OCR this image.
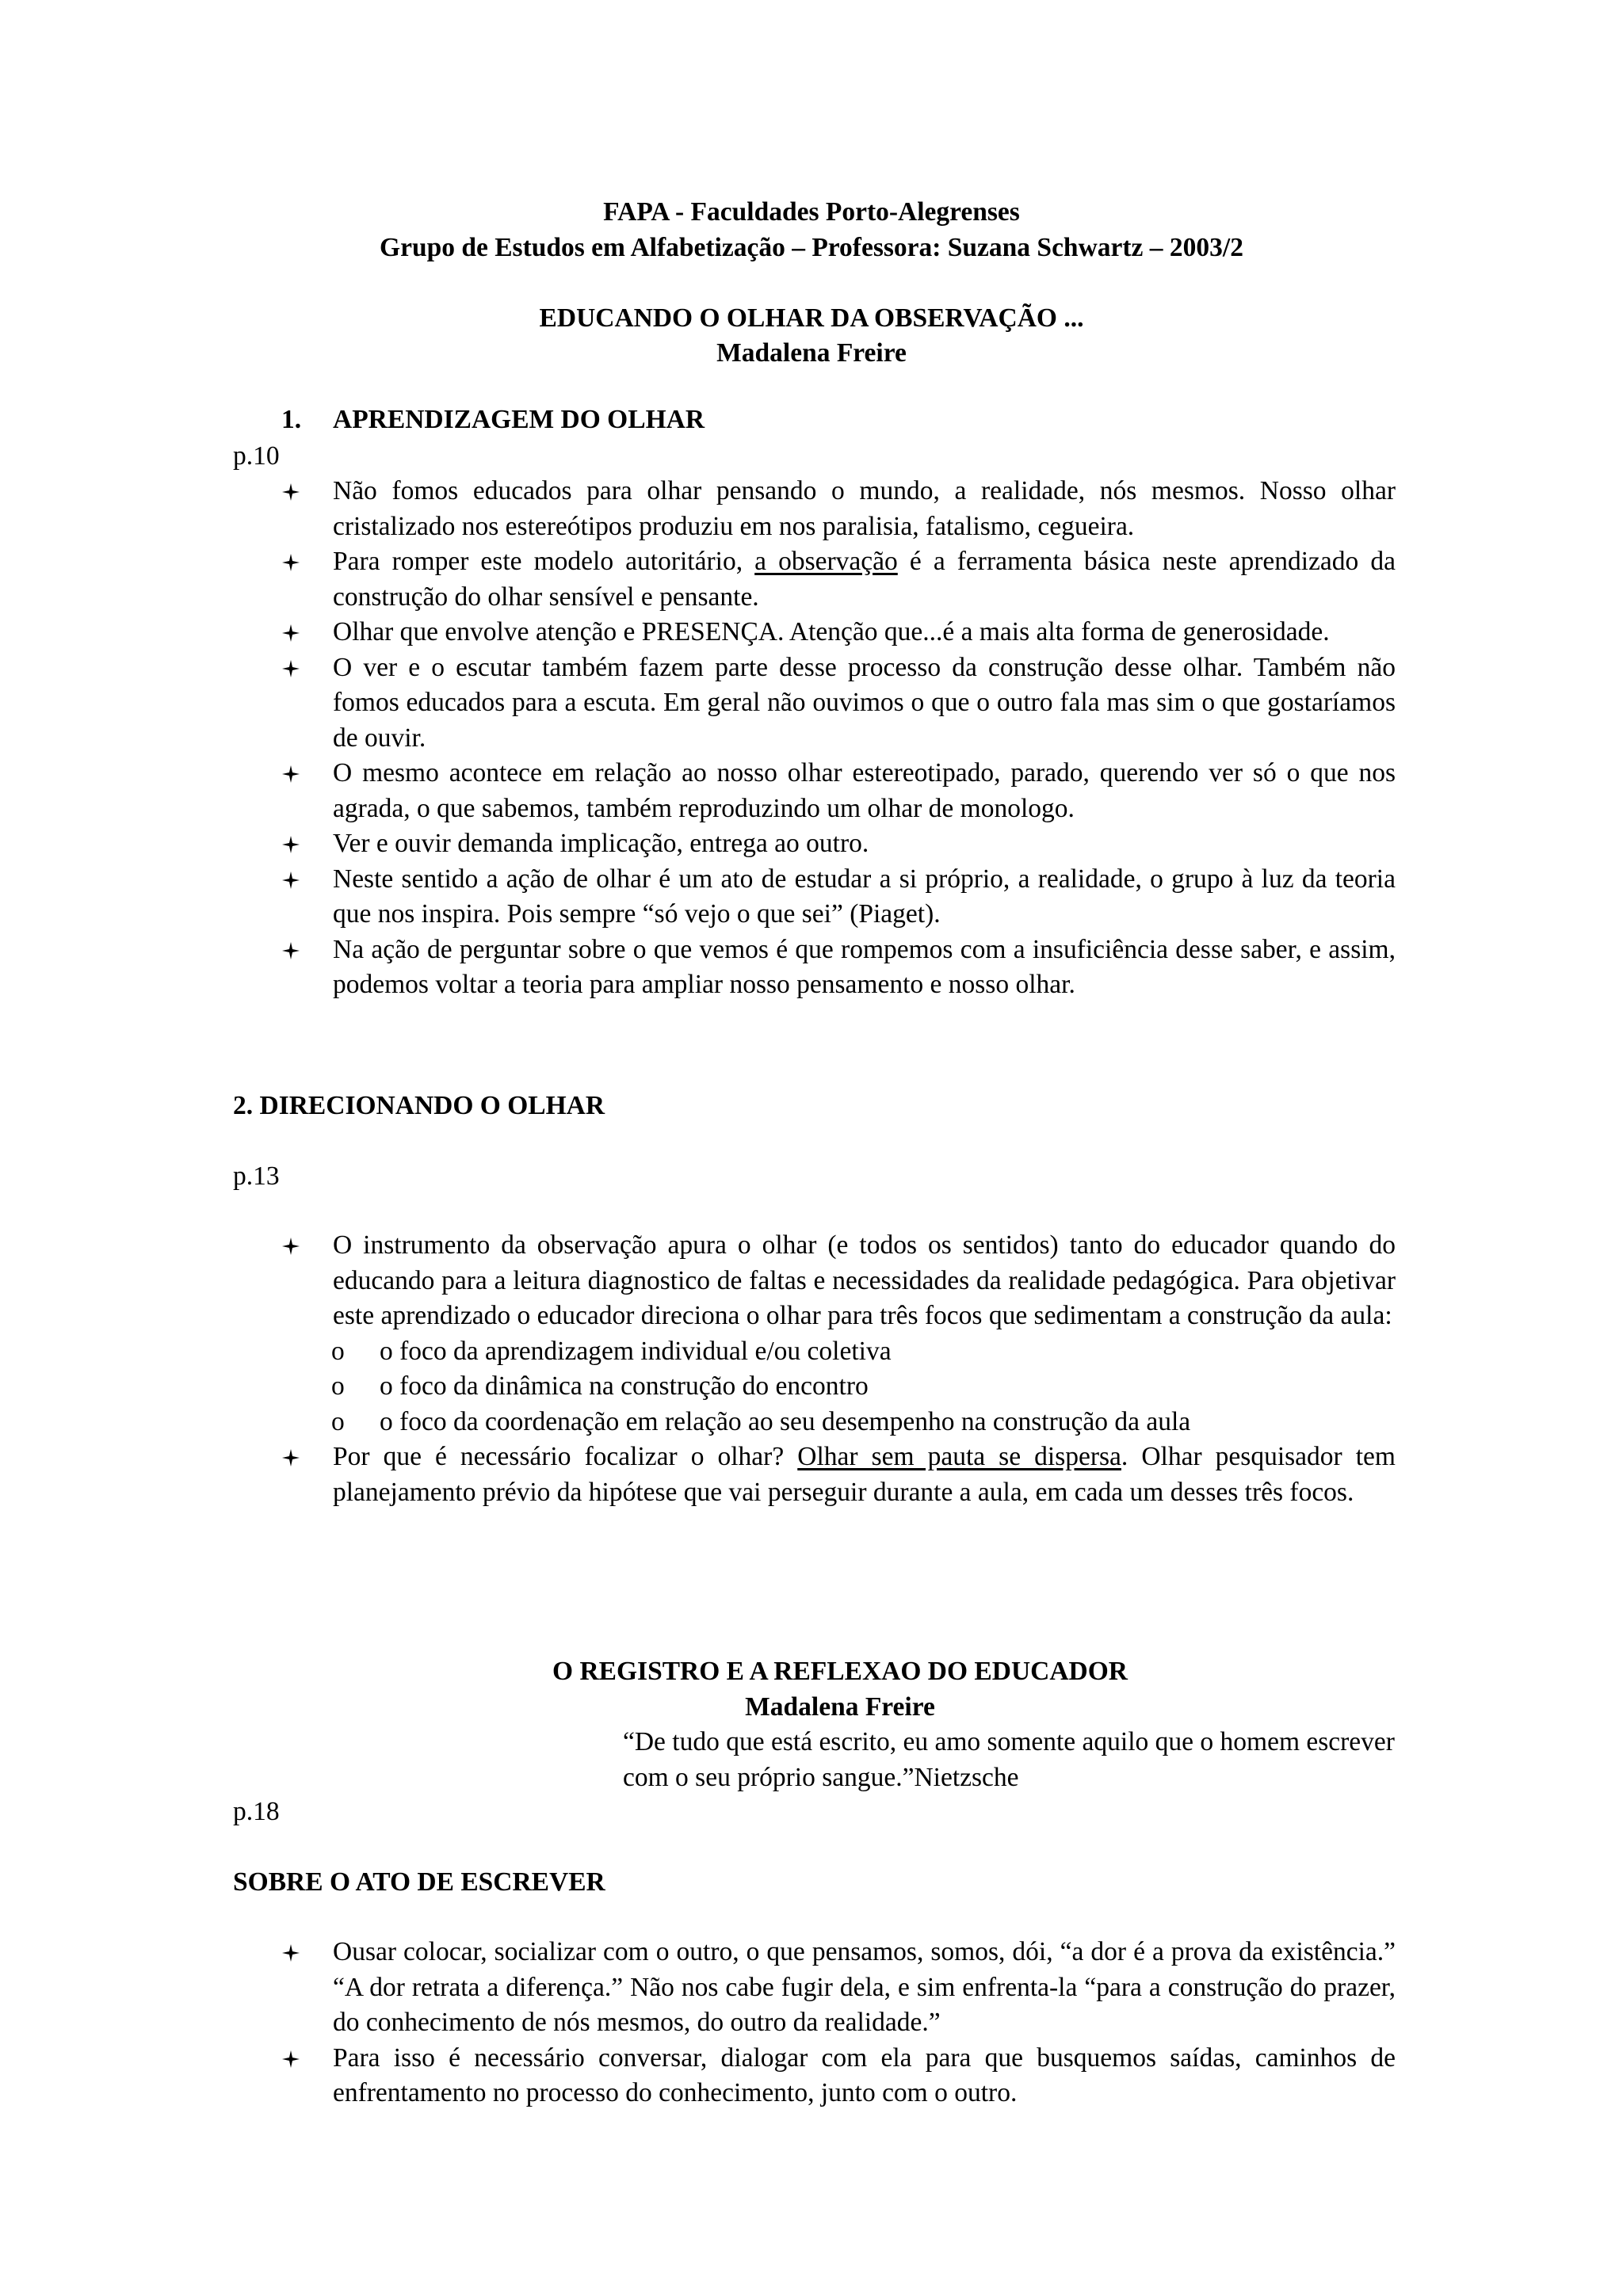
FAPA - Faculdades Porto-Alegrenses
Grupo de Estudos em Alfabetização – Professora: Suzana Schwartz – 2003/2
EDUCANDO O OLHAR DA OBSERVAÇÃO ...
Madalena Freire
1. APRENDIZAGEM DO OLHAR
p.10
Não fomos educados para olhar pensando o mundo, a realidade, nós mesmos. Nosso olhar cristalizado nos estereótipos produziu em nos paralisia, fatalismo, cegueira.
Para romper este modelo autoritário, a observação é a ferramenta básica neste aprendizado da construção do olhar sensível e pensante.
Olhar que envolve atenção e PRESENÇA. Atenção que...é a mais alta forma de generosidade.
O ver e o escutar também fazem parte desse processo da construção desse olhar. Também não fomos educados para a escuta. Em geral não ouvimos o que o outro fala mas sim o que gostaríamos de ouvir.
O mesmo acontece em relação ao nosso olhar estereotipado, parado, querendo ver só o que nos agrada, o que sabemos, também reproduzindo um olhar de monologo.
Ver e ouvir demanda implicação, entrega ao outro.
Neste sentido a ação de olhar é um ato de estudar a si próprio, a realidade, o grupo à luz da teoria que nos inspira. Pois sempre “só vejo o que sei” (Piaget).
Na ação de perguntar sobre o que vemos é que rompemos com a insuficiência desse saber, e assim, podemos voltar a teoria para ampliar nosso pensamento e nosso olhar.
2. DIRECIONANDO O OLHAR
p.13
O instrumento da observação apura o olhar (e todos os sentidos) tanto do educador quando do educando para a leitura diagnostico de faltas e necessidades da realidade pedagógica. Para objetivar este aprendizado o educador direciona o olhar para três focos que sedimentam a construção da aula:
o o foco da aprendizagem individual e/ou coletiva
o o foco da dinâmica na construção do encontro
o o foco da coordenação em relação ao seu desempenho na construção da aula
Por que é necessário focalizar o olhar? Olhar sem pauta se dispersa. Olhar pesquisador tem planejamento prévio da hipótese que vai perseguir durante a aula, em cada um desses três focos.
O REGISTRO E A REFLEXAO DO EDUCADOR
Madalena Freire
“De tudo que está escrito, eu amo somente aquilo que o homem escrever com o seu próprio sangue.”Nietzsche
p.18
SOBRE O ATO DE ESCREVER
Ousar colocar, socializar com o outro, o que pensamos, somos, dói, “a dor é a prova da existência.” “A dor retrata a diferença.” Não nos cabe fugir dela, e sim enfrenta-la “para a construção do prazer, do conhecimento de nós mesmos, do outro da realidade.”
Para isso é necessário conversar, dialogar com ela para que busquemos saídas, caminhos de enfrentamento no processo do conhecimento, junto com o outro.
